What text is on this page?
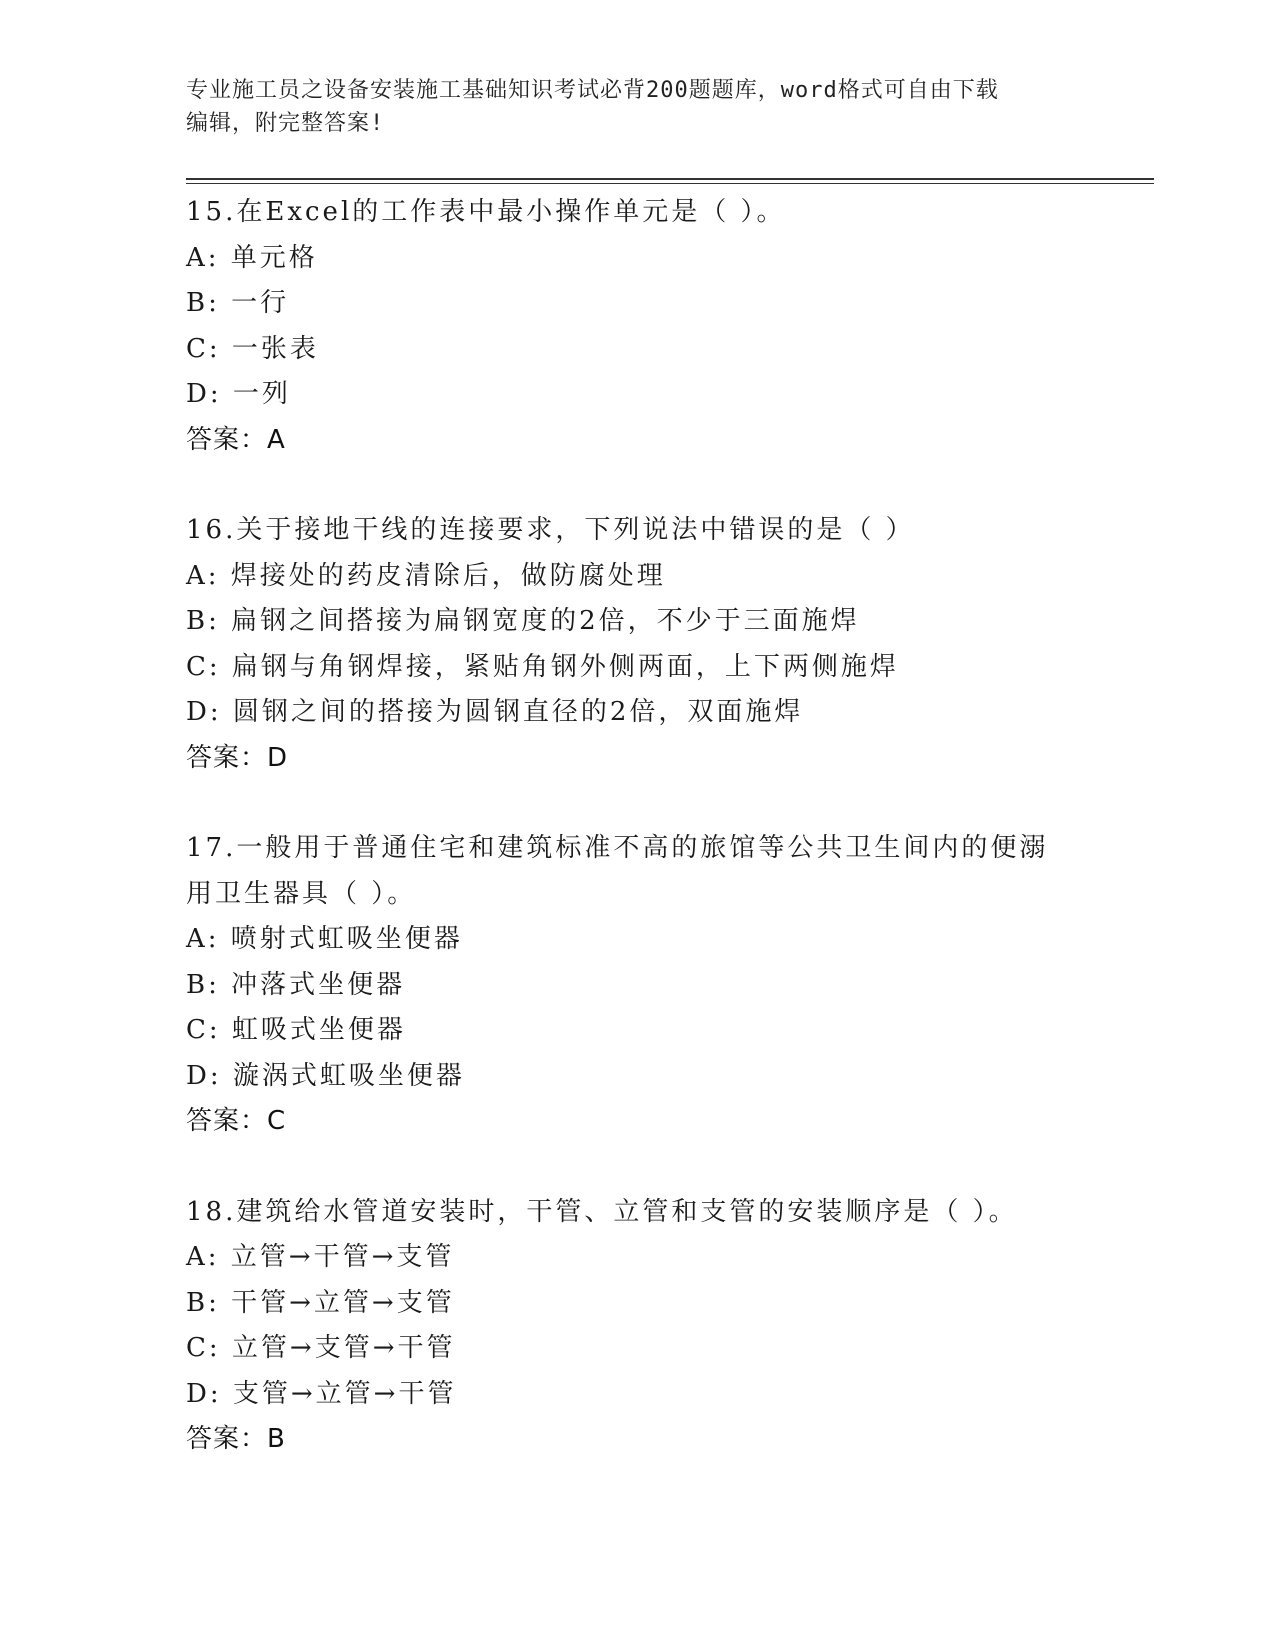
专业施工员之设备安装施工基础知识考试必背200题题库，word格式可自由下载
编辑，附完整答案!
15.在Excel的工作表中最小操作单元是（ ）。
A: 单元格
B: 一行
C: 一张表
D: 一列
答案：A
16.关于接地干线的连接要求，下列说法中错误的是（ ）
A: 焊接处的药皮清除后，做防腐处理
B: 扁钢之间搭接为扁钢宽度的2倍，不少于三面施焊
C: 扁钢与角钢焊接，紧贴角钢外侧两面，上下两侧施焊
D: 圆钢之间的搭接为圆钢直径的2倍，双面施焊
答案：D
17.一般用于普通住宅和建筑标准不高的旅馆等公共卫生间内的便溺用卫生器具（ ）。
A: 喷射式虹吸坐便器
B: 冲落式坐便器
C: 虹吸式坐便器
D: 漩涡式虹吸坐便器
答案：C
18.建筑给水管道安装时，干管、立管和支管的安装顺序是（ ）。
A: 立管→干管→支管
B: 干管→立管→支管
C: 立管→支管→干管
D: 支管→立管→干管
答案：B
